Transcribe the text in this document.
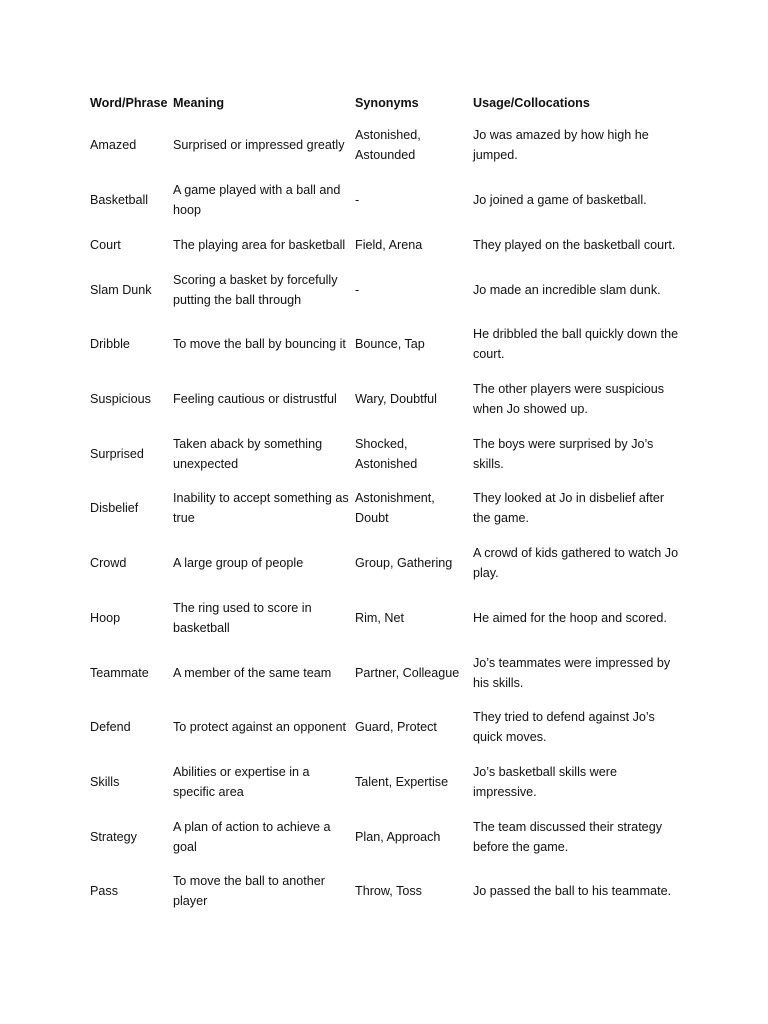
Word/Phrase	Meaning	Synonyms	Usage/Collocations
Amazed	Surprised or impressed greatly	Astonished, Astounded	Jo was amazed by how high he jumped.
Basketball	A game played with a ball and hoop	-	Jo joined a game of basketball.
Court	The playing area for basketball	Field, Arena	They played on the basketball court.
Slam Dunk	Scoring a basket by forcefully putting the ball through	-	Jo made an incredible slam dunk.
Dribble	To move the ball by bouncing it	Bounce, Tap	He dribbled the ball quickly down the court.
Suspicious	Feeling cautious or distrustful	Wary, Doubtful	The other players were suspicious when Jo showed up.
Surprised	Taken aback by something unexpected	Shocked, Astonished	The boys were surprised by Jo’s skills.
Disbelief	Inability to accept something as true	Astonishment, Doubt	They looked at Jo in disbelief after the game.
Crowd	A large group of people	Group, Gathering	A crowd of kids gathered to watch Jo play.
Hoop	The ring used to score in basketball	Rim, Net	He aimed for the hoop and scored.
Teammate	A member of the same team	Partner, Colleague	Jo’s teammates were impressed by his skills.
Defend	To protect against an opponent	Guard, Protect	They tried to defend against Jo’s quick moves.
Skills	Abilities or expertise in a specific area	Talent, Expertise	Jo’s basketball skills were impressive.
Strategy	A plan of action to achieve a goal	Plan, Approach	The team discussed their strategy before the game.
Pass	To move the ball to another player	Throw, Toss	Jo passed the ball to his teammate.
